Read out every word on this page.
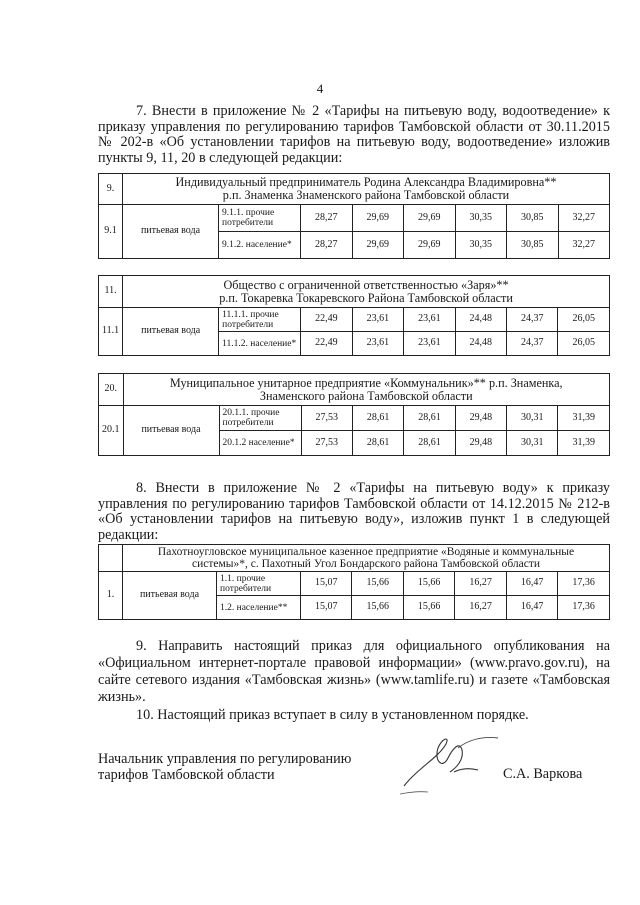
4
7. Внести в приложение № 2 «Тарифы на питьевую воду, водоотведение» к приказу управления по регулированию тарифов Тамбовской области от 30.11.2015 № 202-в «Об установлении тарифов на питьевую воду, водоотведение» изложив пункты 9, 11, 20 в следующей редакции:
9.	Индивидуальный предприниматель Родина Александра Владимировна**
р.п. Знаменка Знаменского района Тамбовской области							

9.1	питьевая вода	9.1.1. прочие потребители	28,27	29,69	29,69	30,35	30,85	32,27
		9.1.2. население*	28,27	29,69	29,69	30,35	30,85	32,27
11.	Общество с ограниченной ответственностью «Заря»**
р.п. Токаревка Токаревского Района Тамбовской области							

11.1	питьевая вода	11.1.1. прочие потребители	22,49	23,61	23,61	24,48	24,37	26,05
		11.1.2. население*	22,49	23,61	23,61	24,48	24,37	26,05
20.	Муниципальное унитарное предприятие «Коммунальник»** р.п. Знаменка,
Знаменского района Тамбовской области							

20.1	питьевая вода	20.1.1. прочие потребители	27,53	28,61	28,61	29,48	30,31	31,39
		20.1.2 население*	27,53	28,61	28,61	29,48	30,31	31,39
8. Внести в приложение № 2 «Тарифы на питьевую воду» к приказу управления по регулированию тарифов Тамбовской области от 14.12.2015 № 212-в «Об установлении тарифов на питьевую воду», изложив пункт 1 в следующей редакции:

	Пахотноугловское муниципальное казенное предприятие «Водяные и коммунальные
системы»*, с. Пахотный Угол Бондарского района Тамбовской области							

1.	питьевая вода	1.1. прочие потребители	15,07	15,66	15,66	16,27	16,47	17,36
		1.2. население**	15,07	15,66	15,66	16,27	16,47	17,36
9. Направить настоящий приказ для официального опубликования на «Официальном интернет-портале правовой информации» (www.pravo.gov.ru), на сайте сетевого издания «Тамбовская жизнь» (www.tamlife.ru) и газете «Тамбовская жизнь».
10. Настоящий приказ вступает в силу в установленном порядке.
Начальник управления по регулированию
тарифов Тамбовской области	С.А. Варкова
